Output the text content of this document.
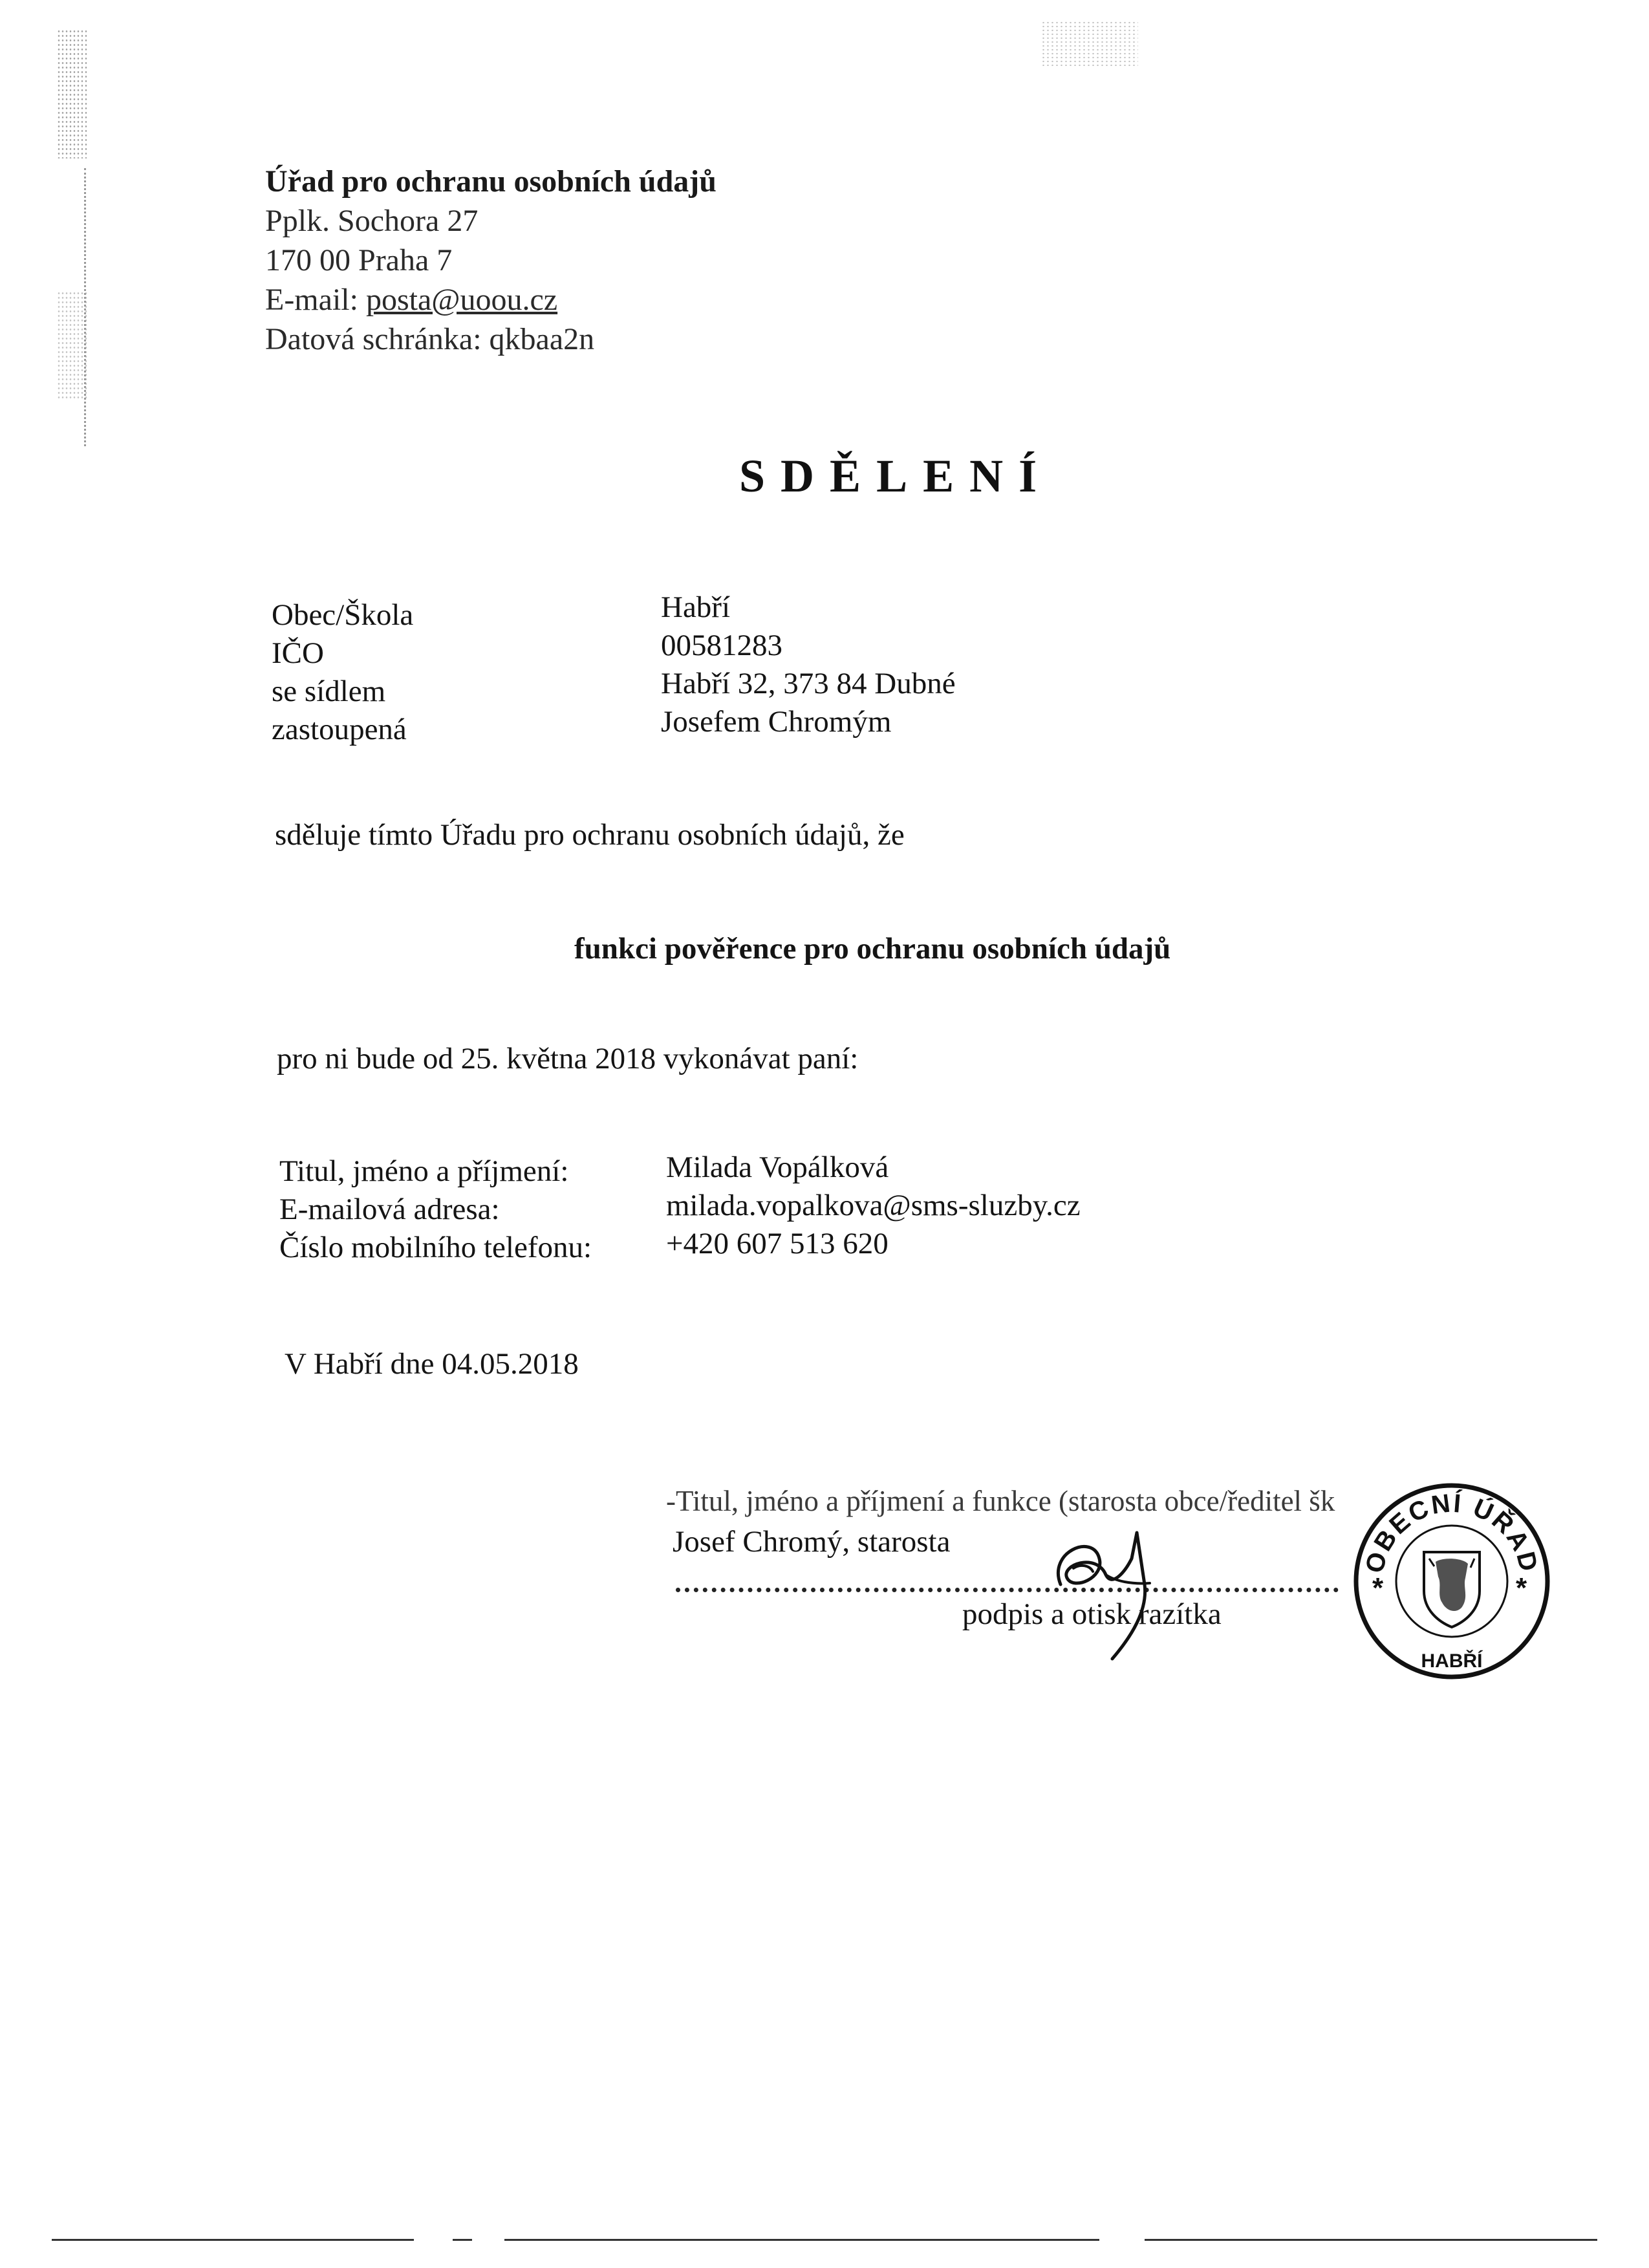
Úřad pro ochranu osobních údajů
Pplk. Sochora 27
170 00 Praha 7
E-mail: posta@uoou.cz
Datová schránka: qkbaa2n
SDĚLENÍ
Obec/Škola
IČO
se sídlem
zastoupená
Habří
00581283
Habří 32, 373 84 Dubné
Josefem Chromým
sděluje tímto Úřadu pro ochranu osobních údajů, že
funkci pověřence pro ochranu osobních údajů
pro ni bude od 25. května 2018 vykonávat paní:
Titul, jméno a příjmení:
E-mailová adresa:
Číslo mobilního telefonu:
Milada Vopálková
milada.vopalkova@sms-sluzby.cz
+420 607 513 620
V Habří dne 04.05.2018
-Titul, jméno a příjmení a funkce (starosta obce/ředitel šk
Josef Chromý, starosta
podpis a otisk razítka
OBECNÍ ÚŘAD
HABŘÍ
*	*
